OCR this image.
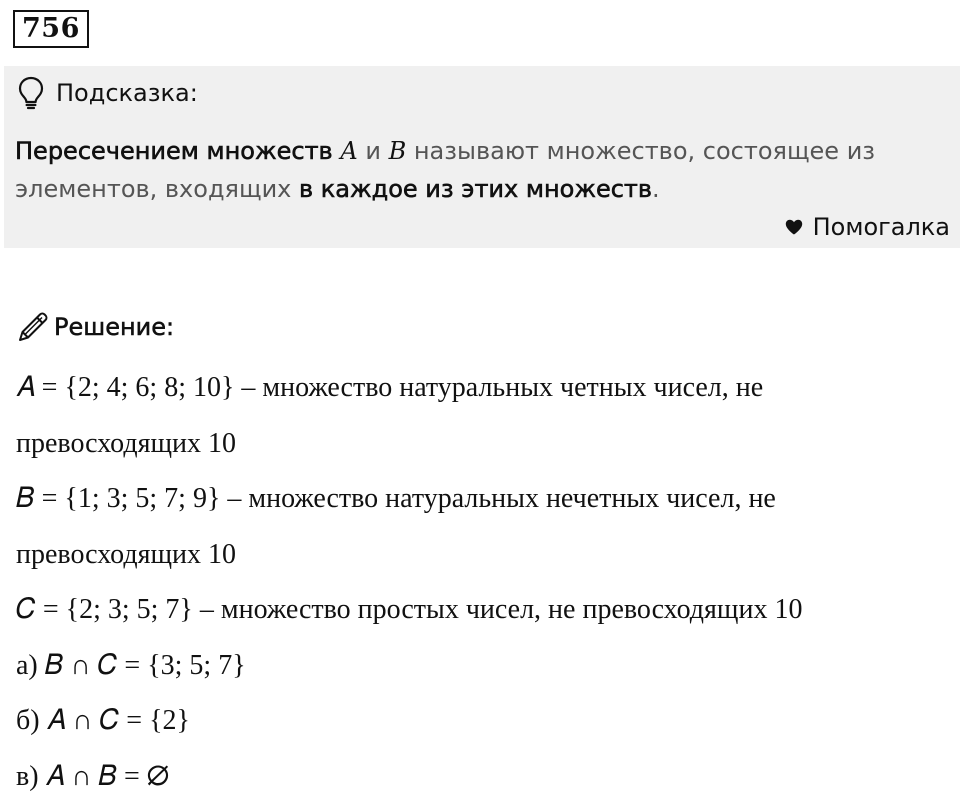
756
Подсказка:
Пересечением множеств A и B называют множество, состоящее из элементов, входящих в каждое из этих множеств.
Помогалка
Решение:
𝐴 = {2; 4; 6; 8; 10} – множество натуральных четных чисел, не
превосходящих 10
𝐵 = {1; 3; 5; 7; 9} – множество натуральных нечетных чисел, не
превосходящих 10
𝐶 = {2; 3; 5; 7} – множество простых чисел, не превосходящих 10
а) 𝐵 ∩ 𝐶 = {3; 5; 7}
б) 𝐴 ∩ 𝐶 = {2}
в) 𝐴 ∩ 𝐵 = ∅
